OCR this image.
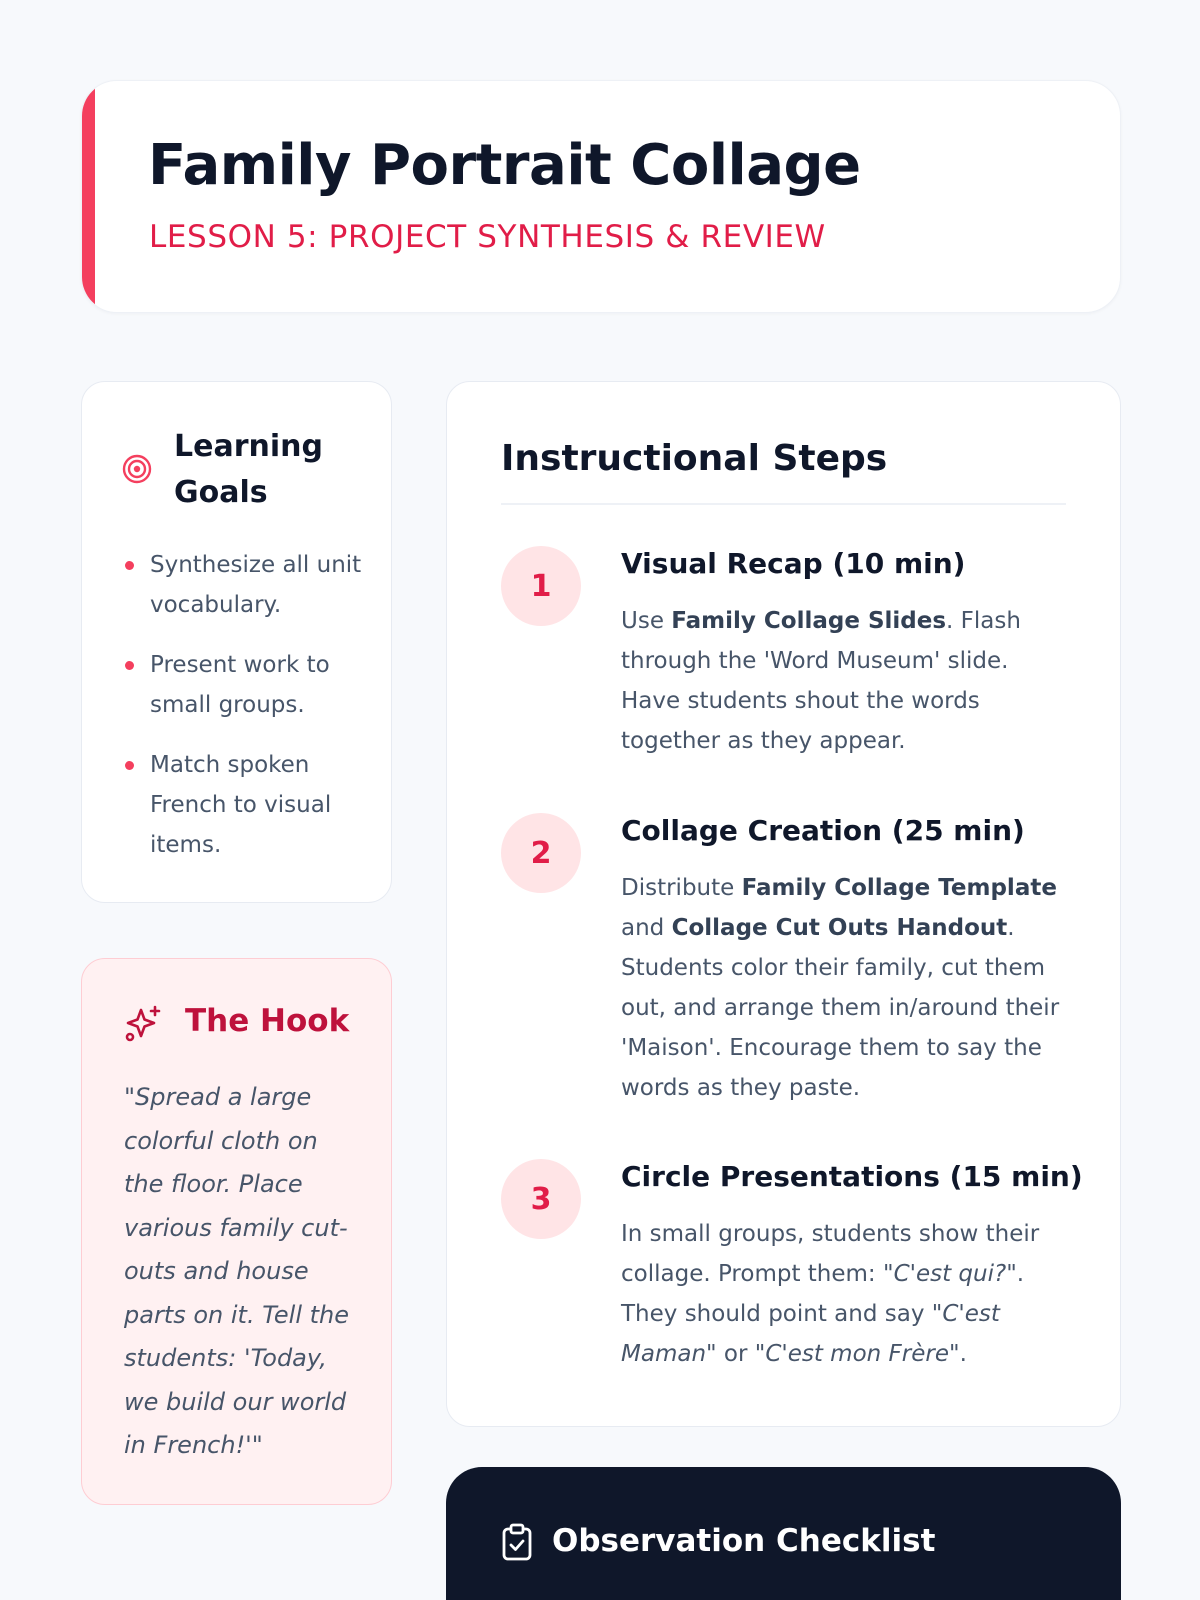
Family Portrait Collage
LESSON 5: PROJECT SYNTHESIS & REVIEW
Learning Goals
Synthesize all unit vocabulary.
Present work to small groups.
Match spoken French to visual items.
The Hook

"Spread a large colorful cloth on the floor. Place various family cut-outs and house parts on it. Tell the students: 'Today, we build our world in French!'"

Instructional Steps
1
Visual Recap (10 min)

Use Family Collage Slides. Flash through the 'Word Museum' slide. Have students shout the words together as they appear.

2
Collage Creation (25 min)

Distribute Family Collage Template and Collage Cut Outs Handout. Students color their family, cut them out, and arrange them in/around their 'Maison'. Encourage them to say the words as they paste.

3
Circle Presentations (15 min)

In small groups, students show their collage. Prompt them: "C'est qui?". They should point and say "C'est Maman" or "C'est mon Frère".

Observation Checklist
